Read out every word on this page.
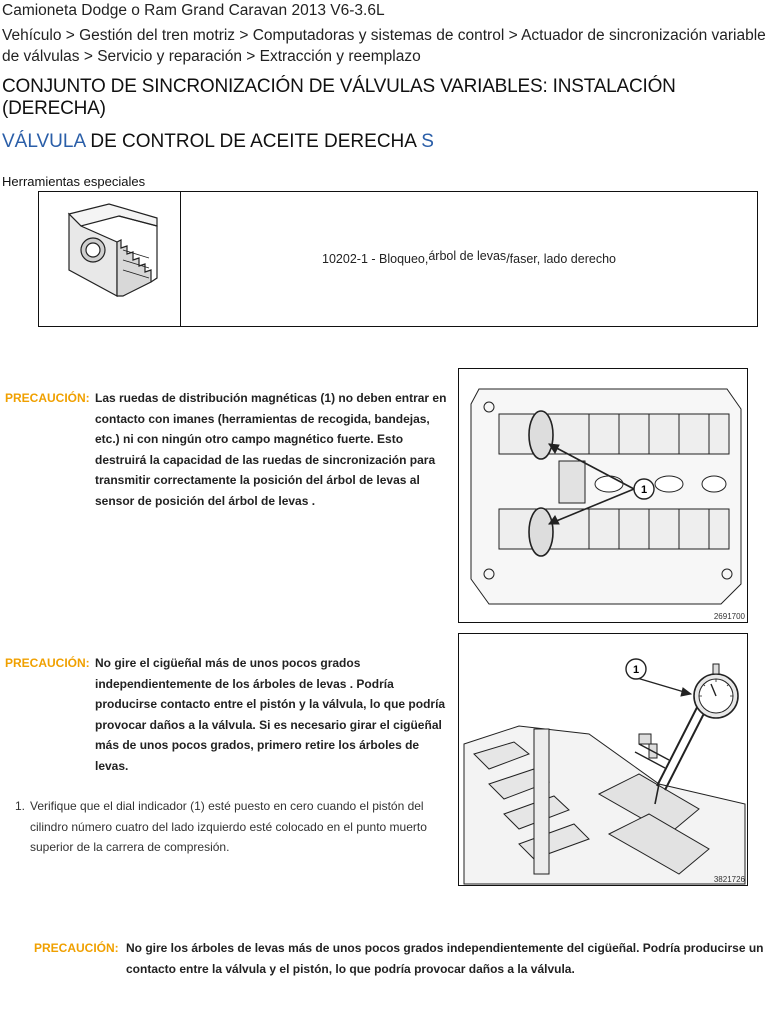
Camioneta Dodge o Ram Grand Caravan 2013 V6-3.6L
Vehículo > Gestión del tren motriz > Computadoras y sistemas de control > Actuador de sincronización variable de válvulas > Servicio y reparación > Extracción y reemplazo
CONJUNTO DE SINCRONIZACIÓN DE VÁLVULAS VARIABLES: INSTALACIÓN (DERECHA)
VÁLVULA DE CONTROL DE ACEITE DERECHA S
Herramientas especiales
10202-1 - Bloqueo, árbol de levas /faser, lado derecho
PRECAUCIÓN: Las ruedas de distribución magnéticas (1) no deben entrar en contacto con imanes (herramientas de recogida, bandejas, etc.) ni con ningún otro campo magnético fuerte. Esto destruirá la capacidad de las ruedas de sincronización para transmitir correctamente la posición del árbol de levas al sensor de posición del árbol de levas .
1
2691700
PRECAUCIÓN: No gire el cigüeñal más de unos pocos grados independientemente de los árboles de levas . Podría producirse contacto entre el pistón y la válvula, lo que podría provocar daños a la válvula. Si es necesario girar el cigüeñal más de unos pocos grados, primero retire los árboles de levas.
1. Verifique que el dial indicador (1) esté puesto en cero cuando el pistón del cilindro número cuatro del lado izquierdo esté colocado en el punto muerto superior de la carrera de compresión.
1
3821726
PRECAUCIÓN: No gire los árboles de levas más de unos pocos grados independientemente del cigüeñal. Podría producirse un contacto entre la válvula y el pistón, lo que podría provocar daños a la válvula.
